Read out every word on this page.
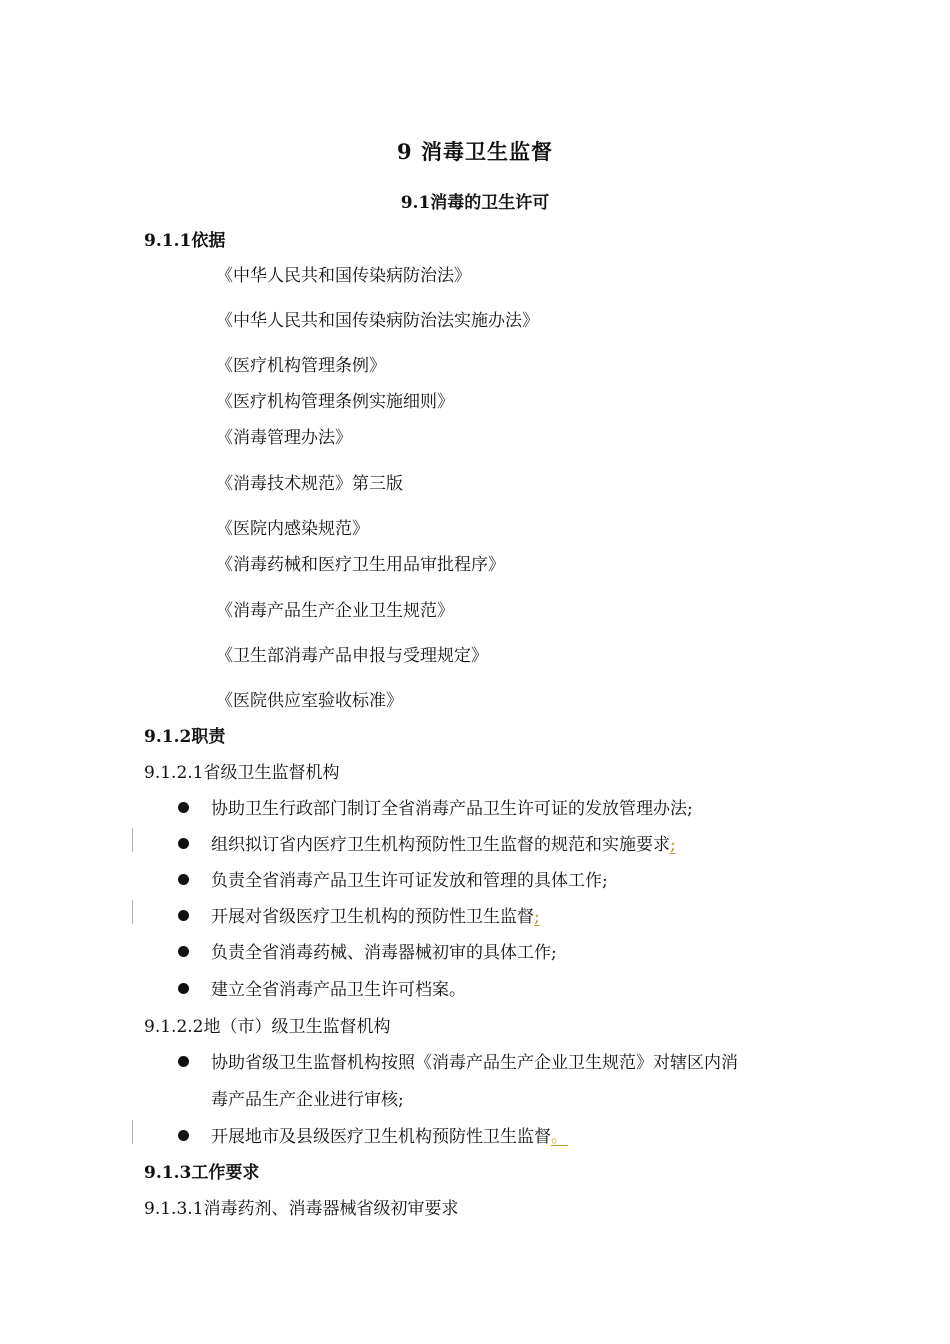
9 消毒卫生监督
9.1消毒的卫生许可
9.1.1依据
《中华人民共和国传染病防治法》
《中华人民共和国传染病防治法实施办法》
《医疗机构管理条例》
《医疗机构管理条例实施细则》
《消毒管理办法》
《消毒技术规范》第三版
《医院内感染规范》
《消毒药械和医疗卫生用品审批程序》
《消毒产品生产企业卫生规范》
《卫生部消毒产品申报与受理规定》
《医院供应室验收标准》
9.1.2职责
9.1.2.1省级卫生监督机构
协助卫生行政部门制订全省消毒产品卫生许可证的发放管理办法;
组织拟订省内医疗卫生机构预防性卫生监督的规范和实施要求;
负责全省消毒产品卫生许可证发放和管理的具体工作;
开展对省级医疗卫生机构的预防性卫生监督;
负责全省消毒药械、消毒器械初审的具体工作;
建立全省消毒产品卫生许可档案。
9.1.2.2地（市）级卫生监督机构
协助省级卫生监督机构按照《消毒产品生产企业卫生规范》对辖区内消
毒产品生产企业进行审核;
开展地市及县级医疗卫生机构预防性卫生监督。
9.1.3工作要求
9.1.3.1消毒药剂、消毒器械省级初审要求
